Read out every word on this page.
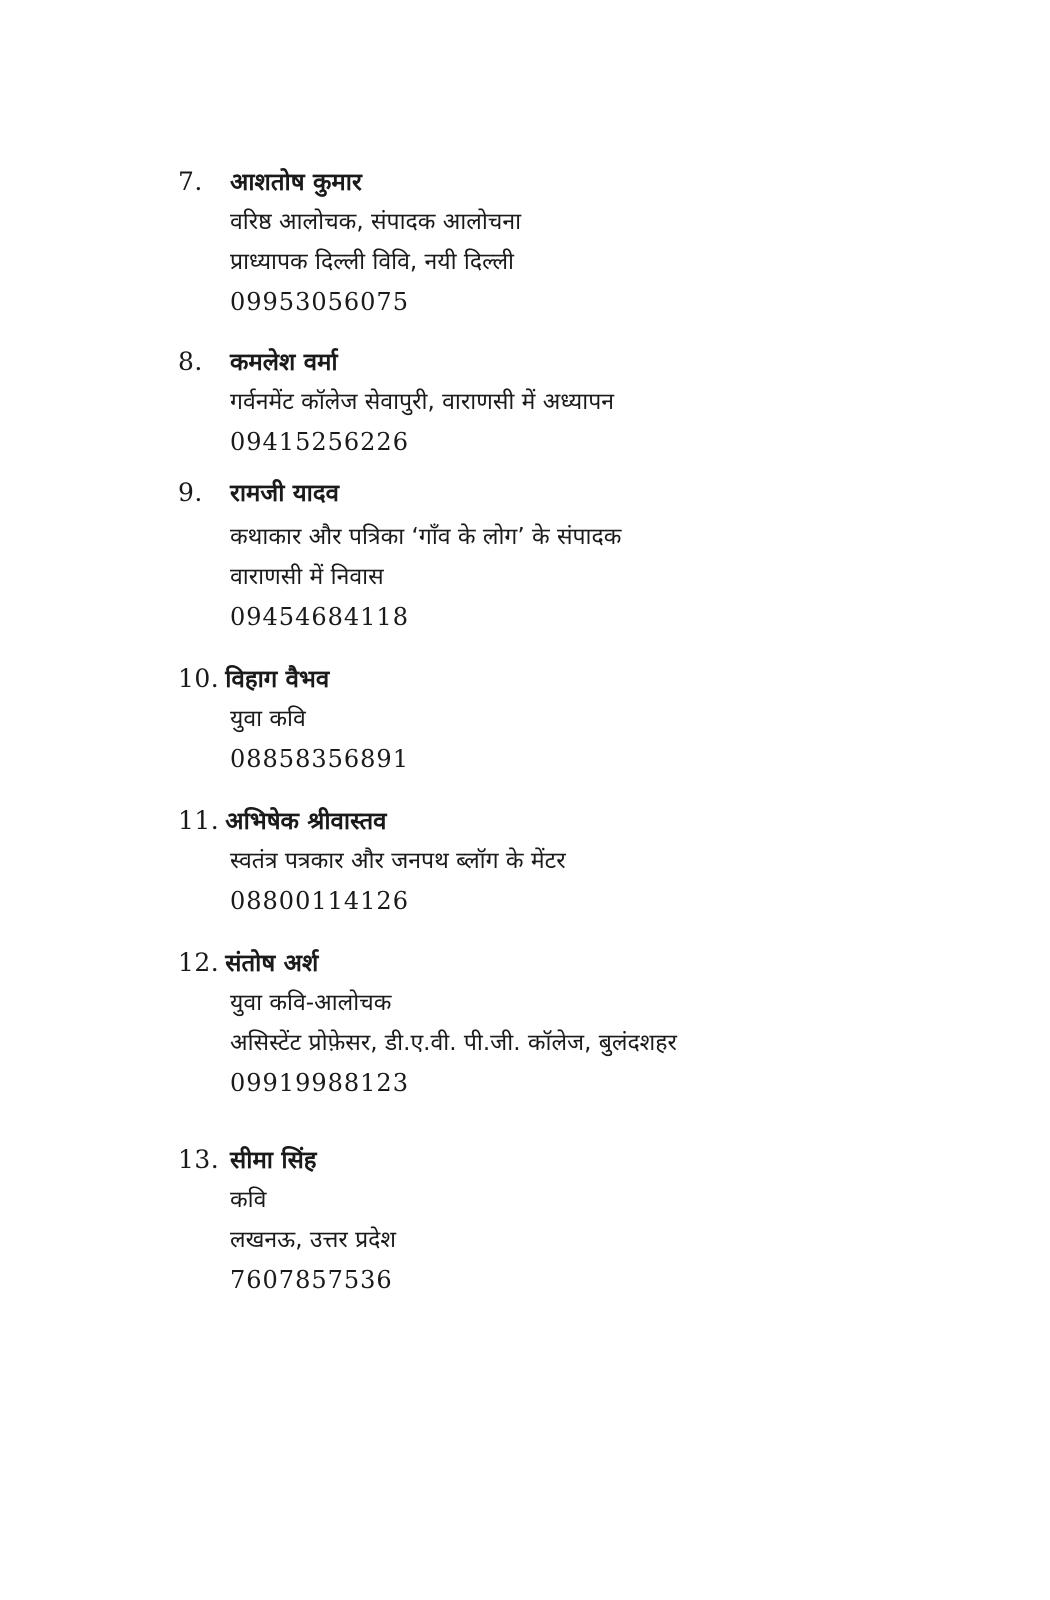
7.	आशतोष कुमार
वरिष्ठ आलोचक, संपादक आलोचना
प्राध्यापक दिल्ली विवि, नयी दिल्ली
09953056075
8.	कमलेश वर्मा
गर्वनमेंट कॉलेज सेवापुरी, वाराणसी में अध्यापन
09415256226
9.	रामजी यादव
कथाकार और पत्रिका ‘गाँव के लोग’ के संपादक
वाराणसी में निवास
09454684118
10. विहाग वैभव
युवा कवि
08858356891
11. अभिषेक श्रीवास्तव
स्वतंत्र पत्रकार और जनपथ ब्लॉग के मेंटर
08800114126
12. संतोष अर्श
युवा कवि-आलोचक
असिस्टेंट प्रोफ़ेसर, डी.ए.वी. पी.जी. कॉलेज, बुलंदशहर
09919988123
13. सीमा सिंह
कवि
लखनऊ, उत्तर प्रदेश
7607857536
